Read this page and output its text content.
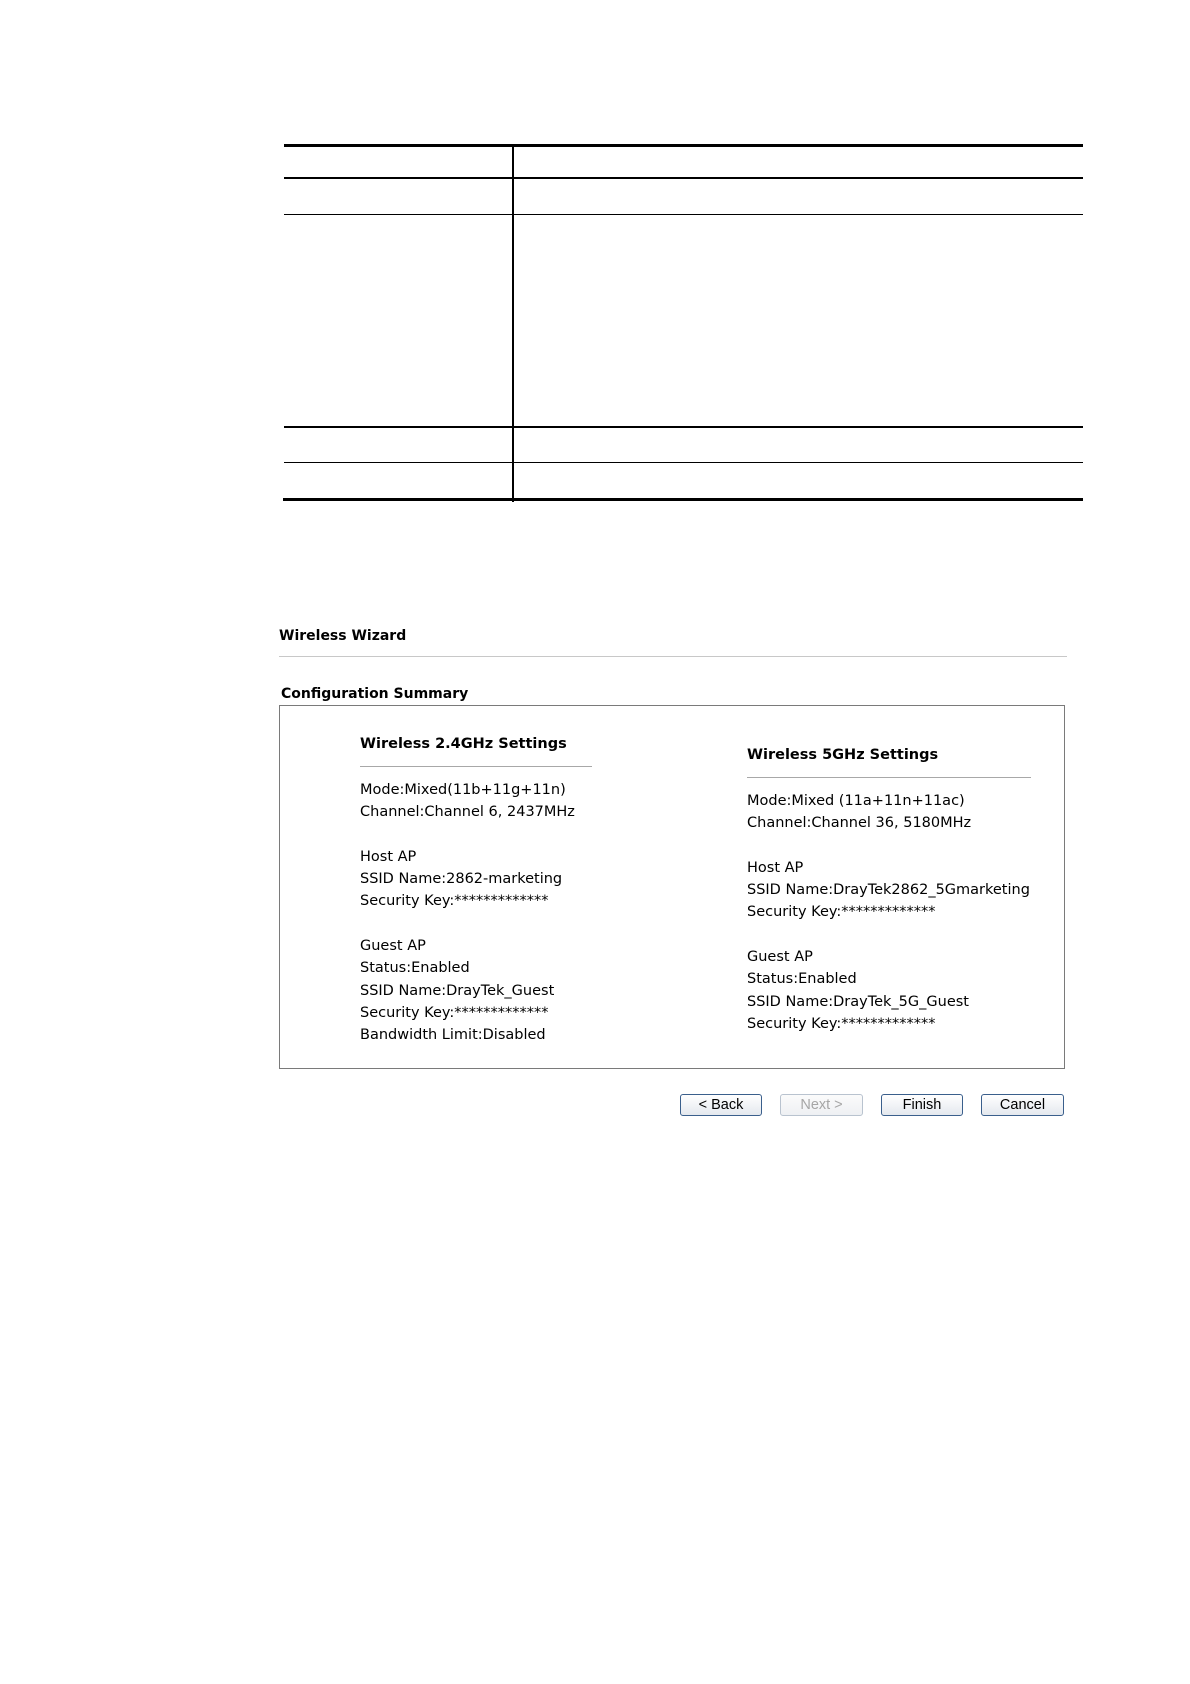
Wireless Wizard
Configuration Summary
Wireless 2.4GHz Settings
Mode:Mixed(11b+11g+11n)
Channel:Channel 6, 2437MHz
Host AP
SSID Name:2862-marketing
Security Key:*************
Guest AP
Status:Enabled
SSID Name:DrayTek_Guest
Security Key:*************
Bandwidth Limit:Disabled
Wireless 5GHz Settings
Mode:Mixed (11a+11n+11ac)
Channel:Channel 36, 5180MHz
Host AP
SSID Name:DrayTek2862_5Gmarketing
Security Key:*************
Guest AP
Status:Enabled
SSID Name:DrayTek_5G_Guest
Security Key:*************
< Back	Next >	Finish	Cancel
